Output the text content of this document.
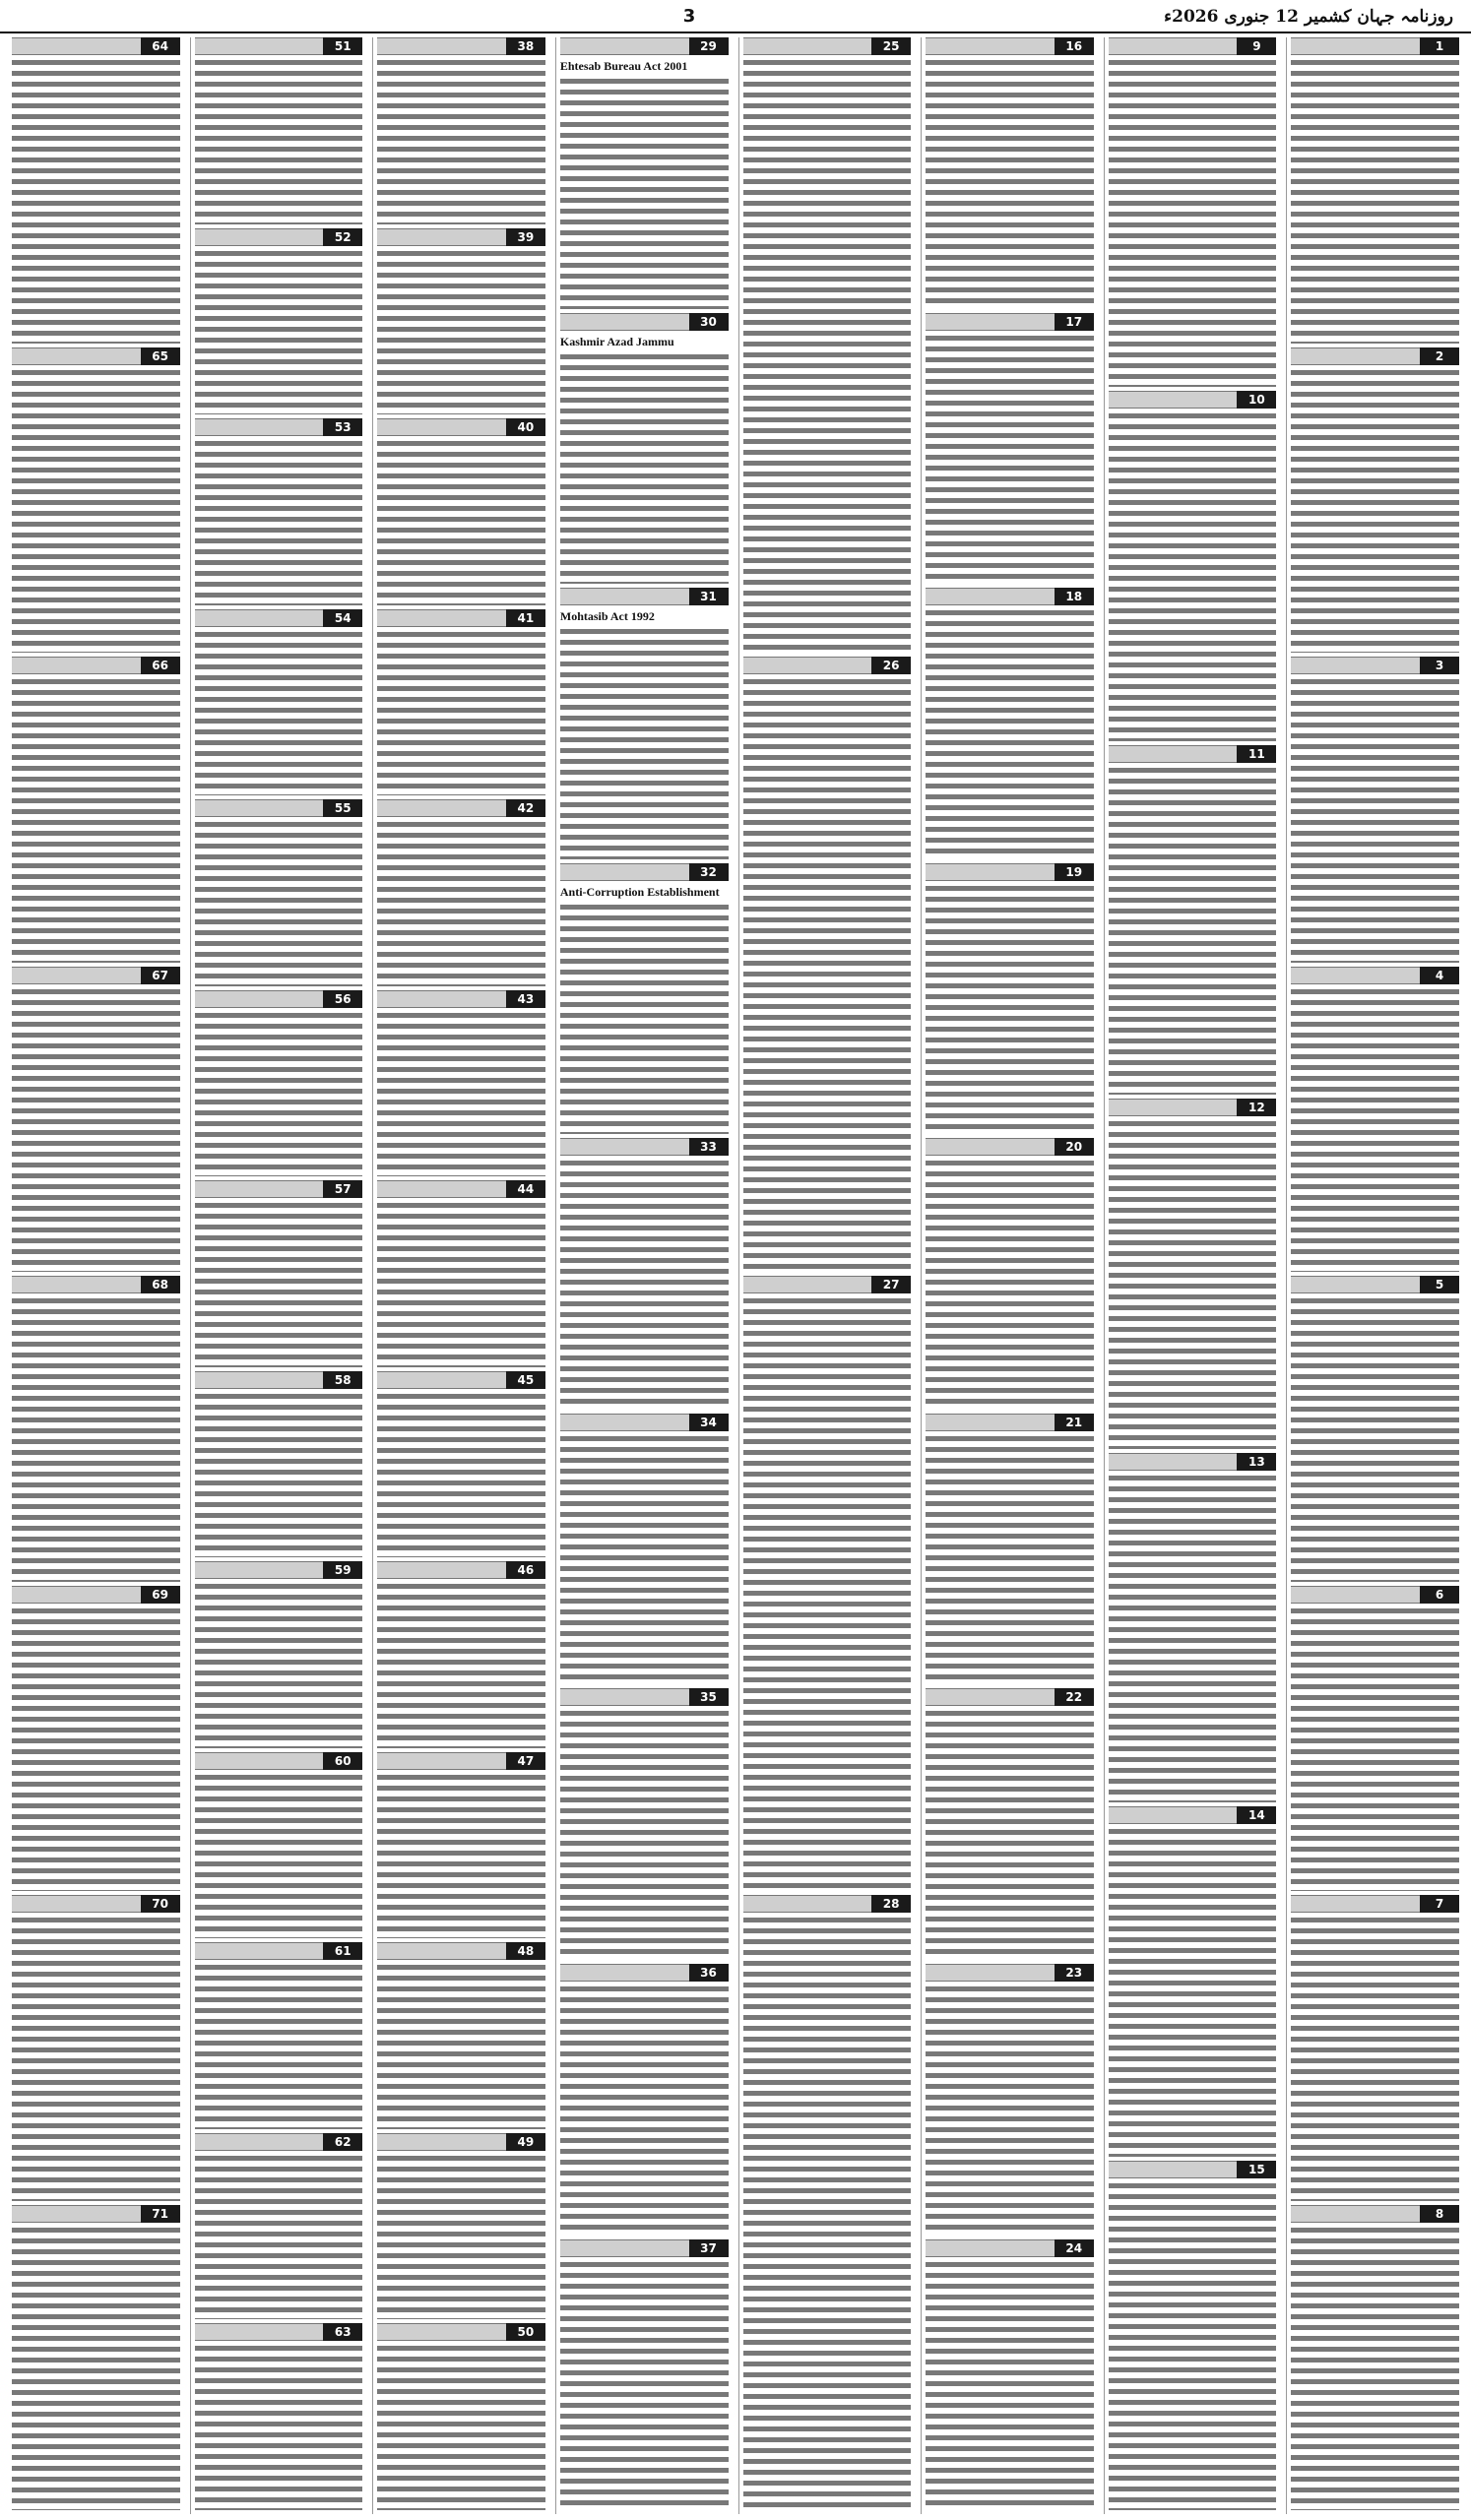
روزنامہ جہان کشمیر 12 جنوری 2026ء
3
1
2
3
4
5
6
7
8
9
10
11
12
13
14
15
16
17
18
19
20
21
22
23
24
25
26
27
28
29
Ehtesab Bureau Act 2001
30
Kashmir Azad Jammu
31
Mohtasib Act 1992
32
Anti-Corruption Establishment
33
34
35
36
37
38
39
40
41
42
43
44
45
46
47
48
49
50
51
52
53
54
55
56
57
58
59
60
61
62
63
64
65
66
67
68
69
70
71
